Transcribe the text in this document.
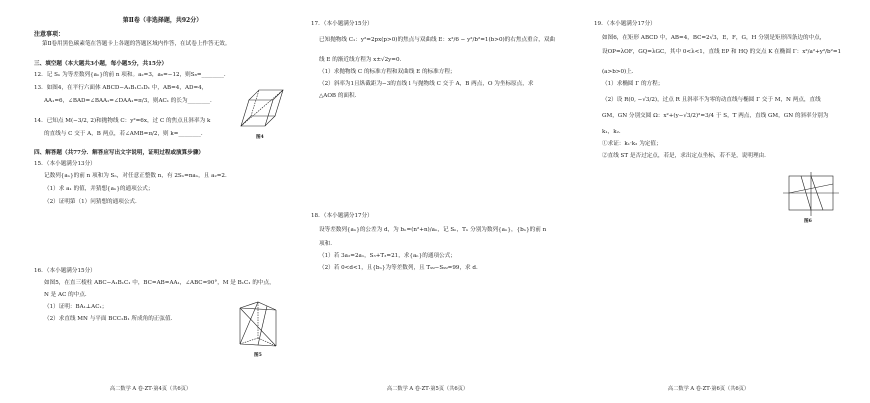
第Ⅱ卷（非选择题，共92分）
注意事项：
第Ⅱ卷用黑色碳素笔在答题卡上各题的答题区域内作答，在试卷上作答无效。
三、填空题（本大题共3小题，每小题5分，共15分）
12．记 Sₙ 为等差数列{aₙ}的前 n 项和。a₂=3，a₆=−12，则S₈=________.
13．如图4，在平行六面体 ABCD−A₁B₁C₁D₁ 中，AB=4，AD=4，
AA₁=6，∠BAD=∠BAA₁=∠DAA₁=π/3，则AC₁ 的长为________.
14．已知点 M(−3/2, 2)和抛物线 C：y²=6x，过 C 的焦点且斜率为 k
的直线与 C 交于 A，B 两点，若∠AMB=π/2，则 k=________.
图4
四、解答题（共77分．解答应写出文字说明，证明过程或演算步骤）
15．（本小题满分13分）
记数列{aₙ}的前 n 项和为 Sₙ，对任意正整数 n，有 2Sₙ=naₙ，且 a₂=2.
（1）求 a₁ 的值，并猜想{aₙ}的通项公式；
（2）证明第（1）问猜想的通项公式.
16．（本小题满分15分）
如图5，在直三棱柱 ABC−A₁B₁C₁ 中，BC=AB=AA₁，∠ABC=90°，M 是 B₁C₁ 的中点，
N 是 AC 的中点.
（1）证明：BA₁⊥AC₁；
（2）求直线 MN 与平面 BCC₁B₁ 所成角的正弦值.
图5
高二数学 A 卷·ZT·第4页（共6页）
17．（本小题满分15分）
已知抛物线 C₁：y²=2px(p>0)的焦点与双曲线 E：x²/6 − y²/b²=1(b>0)的右焦点重合，双曲
线 E 的渐近线方程为 x±√2y=0.
（1）求抛物线 C 的标准方程和双曲线 E 的标准方程；
（2）斜率为1且纵截距为−3的直线 l 与抛物线 C 交于 A，B 两点，O 为坐标原点，求
△AOB 的面积.
18．（本小题满分17分）
设等差数列{aₙ}的公差为 d，为 bₙ=(n²+n)/aₙ，记 Sₙ，Tₙ 分别为数列{aₙ}，{bₙ}的前 n
项和.
（1）若 3a₂=2a₁，S₃+T₃=21，求{aₙ}的通项公式；
（2）若 0<d<1，且{bₙ}为等差数列，且 T₉₉−S₉₉=99，求 d.
高二数学 A 卷·ZT·第5页（共6页）
19．（本小题满分17分）
如图6，在矩形 ABCD 中，AB=4，BC=2√3，E，F，G，H 分别是矩形四条边的中点，
设OP=λOF，GQ=λGC，其中 0<λ<1，直线 EP 和 HQ 的交点 K 在椭圆 Γ：x²/a²+y²/b²=1
(a>b>0)上.
（1）求椭圆 Γ 的方程；
（2）设 R(0, −√3/2)，过点 R 且斜率不为零的动直线与椭圆 Γ 交于 M，N 两点，直线
GM，GN 分别交圆 Ω：x²+(y−√3/2)²=3/4 于 S，T 两点，直线 GM，GN 的斜率分别为
k₁，k₂.
①求证：k₁·k₂ 为定值；
②直线 ST 是否过定点，若是，求出定点坐标，若不是，说明理由.
图6
高二数学 A 卷·ZT·第6页（共6页）
